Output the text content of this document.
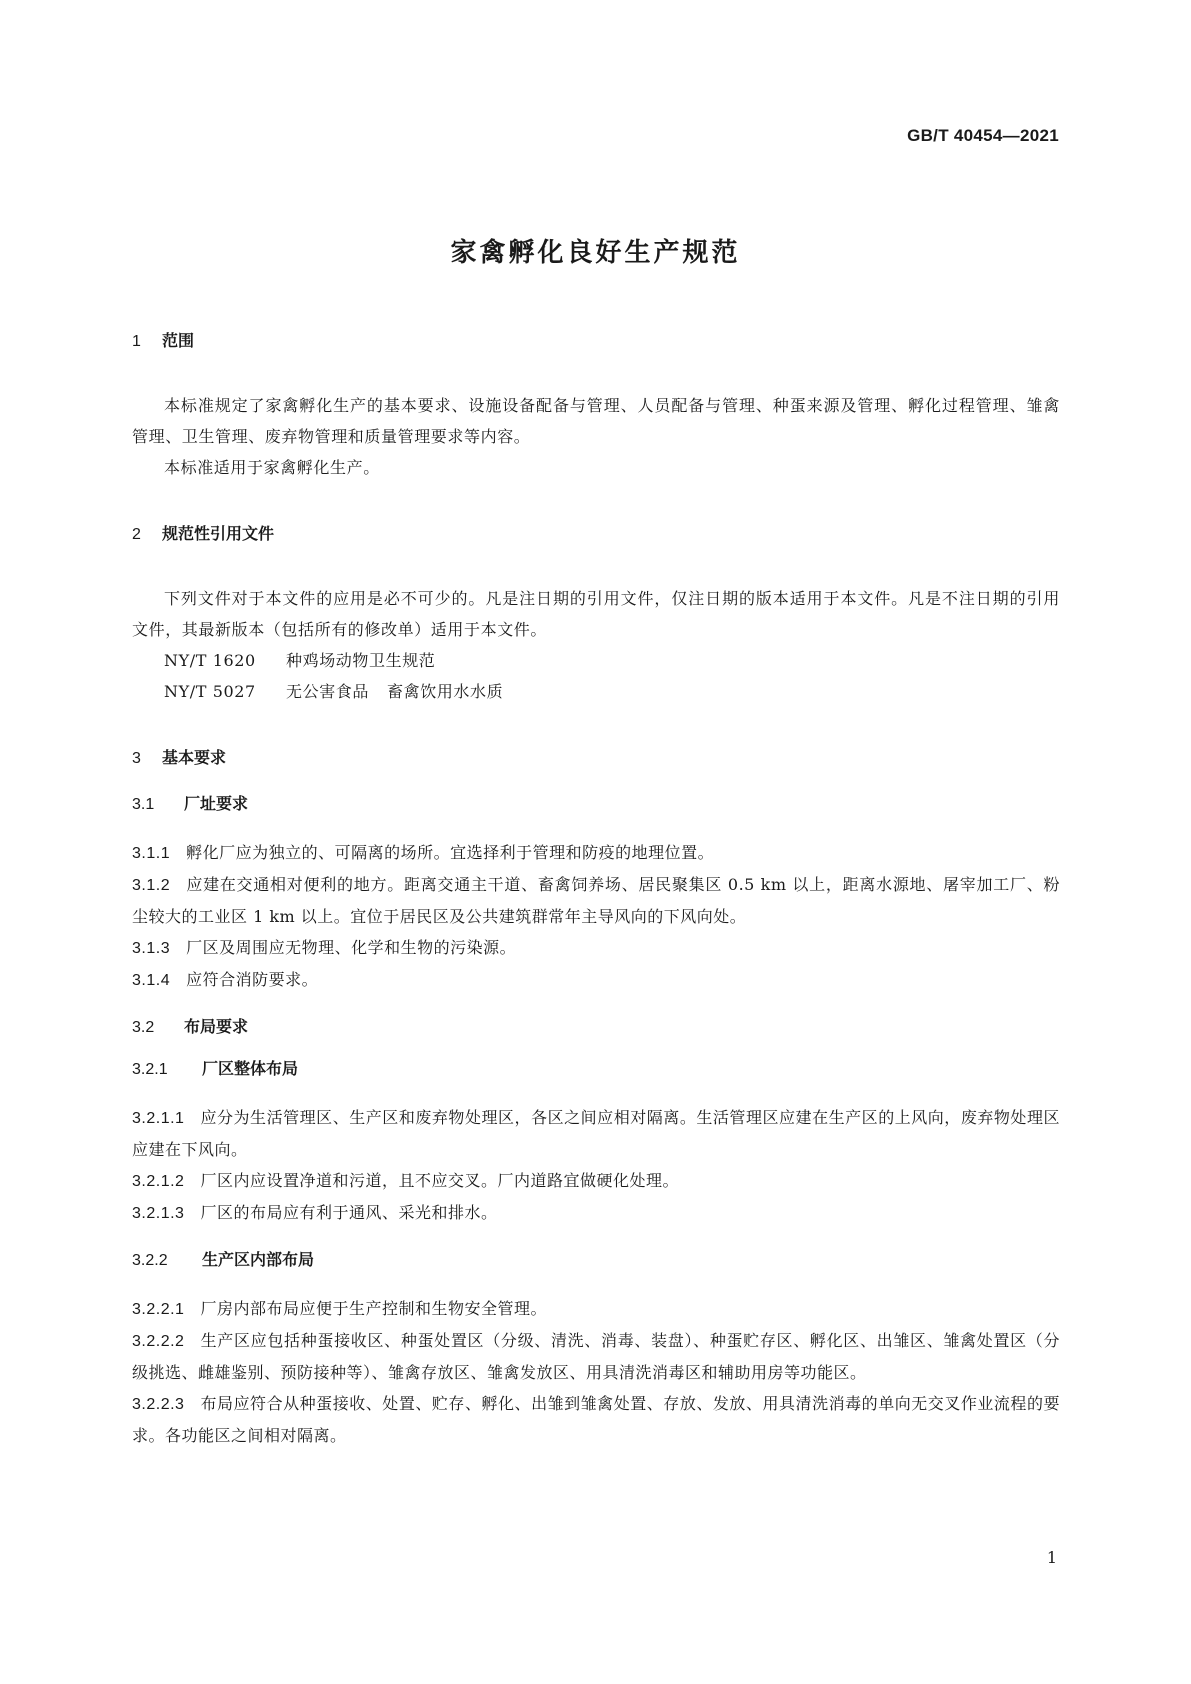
GB/T 40454—2021
家禽孵化良好生产规范
1 范围
本标准规定了家禽孵化生产的基本要求、设施设备配备与管理、人员配备与管理、种蛋来源及管理、孵化过程管理、雏禽管理、卫生管理、废弃物管理和质量管理要求等内容。
本标准适用于家禽孵化生产。
2 规范性引用文件
下列文件对于本文件的应用是必不可少的。凡是注日期的引用文件，仅注日期的版本适用于本文件。凡是不注日期的引用文件，其最新版本（包括所有的修改单）适用于本文件。
NY/T 1620 种鸡场动物卫生规范
NY/T 5027 无公害食品 畜禽饮用水水质
3 基本要求
3.1 厂址要求
3.1.1 孵化厂应为独立的、可隔离的场所。宜选择利于管理和防疫的地理位置。
3.1.2 应建在交通相对便利的地方。距离交通主干道、畜禽饲养场、居民聚集区 0.5 km 以上，距离水源地、屠宰加工厂、粉尘较大的工业区 1 km 以上。宜位于居民区及公共建筑群常年主导风向的下风向处。
3.1.3 厂区及周围应无物理、化学和生物的污染源。
3.1.4 应符合消防要求。
3.2 布局要求
3.2.1 厂区整体布局
3.2.1.1 应分为生活管理区、生产区和废弃物处理区，各区之间应相对隔离。生活管理区应建在生产区的上风向，废弃物处理区应建在下风向。
3.2.1.2 厂区内应设置净道和污道，且不应交叉。厂内道路宜做硬化处理。
3.2.1.3 厂区的布局应有利于通风、采光和排水。
3.2.2 生产区内部布局
3.2.2.1 厂房内部布局应便于生产控制和生物安全管理。
3.2.2.2 生产区应包括种蛋接收区、种蛋处置区（分级、清洗、消毒、装盘）、种蛋贮存区、孵化区、出雏区、雏禽处置区（分级挑选、雌雄鉴别、预防接种等）、雏禽存放区、雏禽发放区、用具清洗消毒区和辅助用房等功能区。
3.2.2.3 布局应符合从种蛋接收、处置、贮存、孵化、出雏到雏禽处置、存放、发放、用具清洗消毒的单向无交叉作业流程的要求。各功能区之间相对隔离。
1
